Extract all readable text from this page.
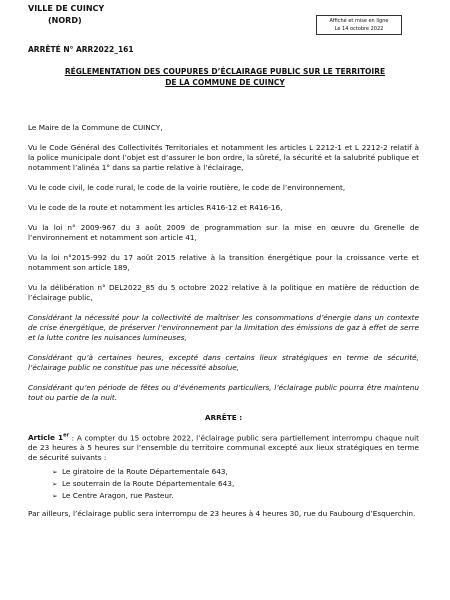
VILLE DE CUINCY
(NORD)	Affiché et mise en ligne
Le 14 octobre 2022
ARRÊTÉ N° ARR2022_161
RÉGLEMENTATION DES COUPURES D’ÉCLAIRAGE PUBLIC SUR LE TERRITOIRE
DE LA COMMUNE DE CUINCY

Le Maire de la Commune de CUINCY,

Vu le Code Général des Collectivités Territoriales et notamment les articles L 2212-1 et L 2212-2 relatif à la police municipale dont l’objet est d’assurer le bon ordre, la sûreté, la sécurité et la salubrité publique et notamment l’alinéa 1° dans sa partie relative à l’éclairage,

Vu le code civil, le code rural, le code de la voirie routière, le code de l’environnement,

Vu le code de la route et notamment les articles R416-12 et R416-16,

Vu la loi n° 2009-967 du 3 août 2009 de programmation sur la mise en œuvre du Grenelle de l’environnement et notamment son article 41,

Vu la loi n°2015-992 du 17 août 2015 relative à la transition énergétique pour la croissance verte et notamment son article 189,

Vu la délibération n° DEL2022_85 du 5 octobre 2022 relative à la politique en matière de réduction de l’éclairage public,

Considérant la nécessité pour la collectivité de maîtriser les consommations d’énergie dans un contexte de crise énergétique, de préserver l’environnement par la limitation des émissions de gaz à effet de serre et la lutte contre les nuisances lumineuses,

Considérant qu’à certaines heures, excepté dans certains lieux stratégiques en terme de sécurité, l’éclairage public ne constitue pas une nécessité absolue,

Considérant qu’en période de fêtes ou d’événements particuliers, l’éclairage public pourra être maintenu tout ou partie de la nuit.

ARRÊTE :

Article 1er : A compter du 15 octobre 2022, l’éclairage public sera partiellement interrompu chaque nuit de 23 heures à 5 heures sur l’ensemble du territoire communal excepté aux lieux stratégiques en terme de sécurité suivants :

➢ Le giratoire de la Route Départementale 643,
➢ Le souterrain de la Route Départementale 643,
➢ Le Centre Aragon, rue Pasteur.

Par ailleurs, l’éclairage public sera interrompu de 23 heures à 4 heures 30, rue du Faubourg d’Esquerchin.
